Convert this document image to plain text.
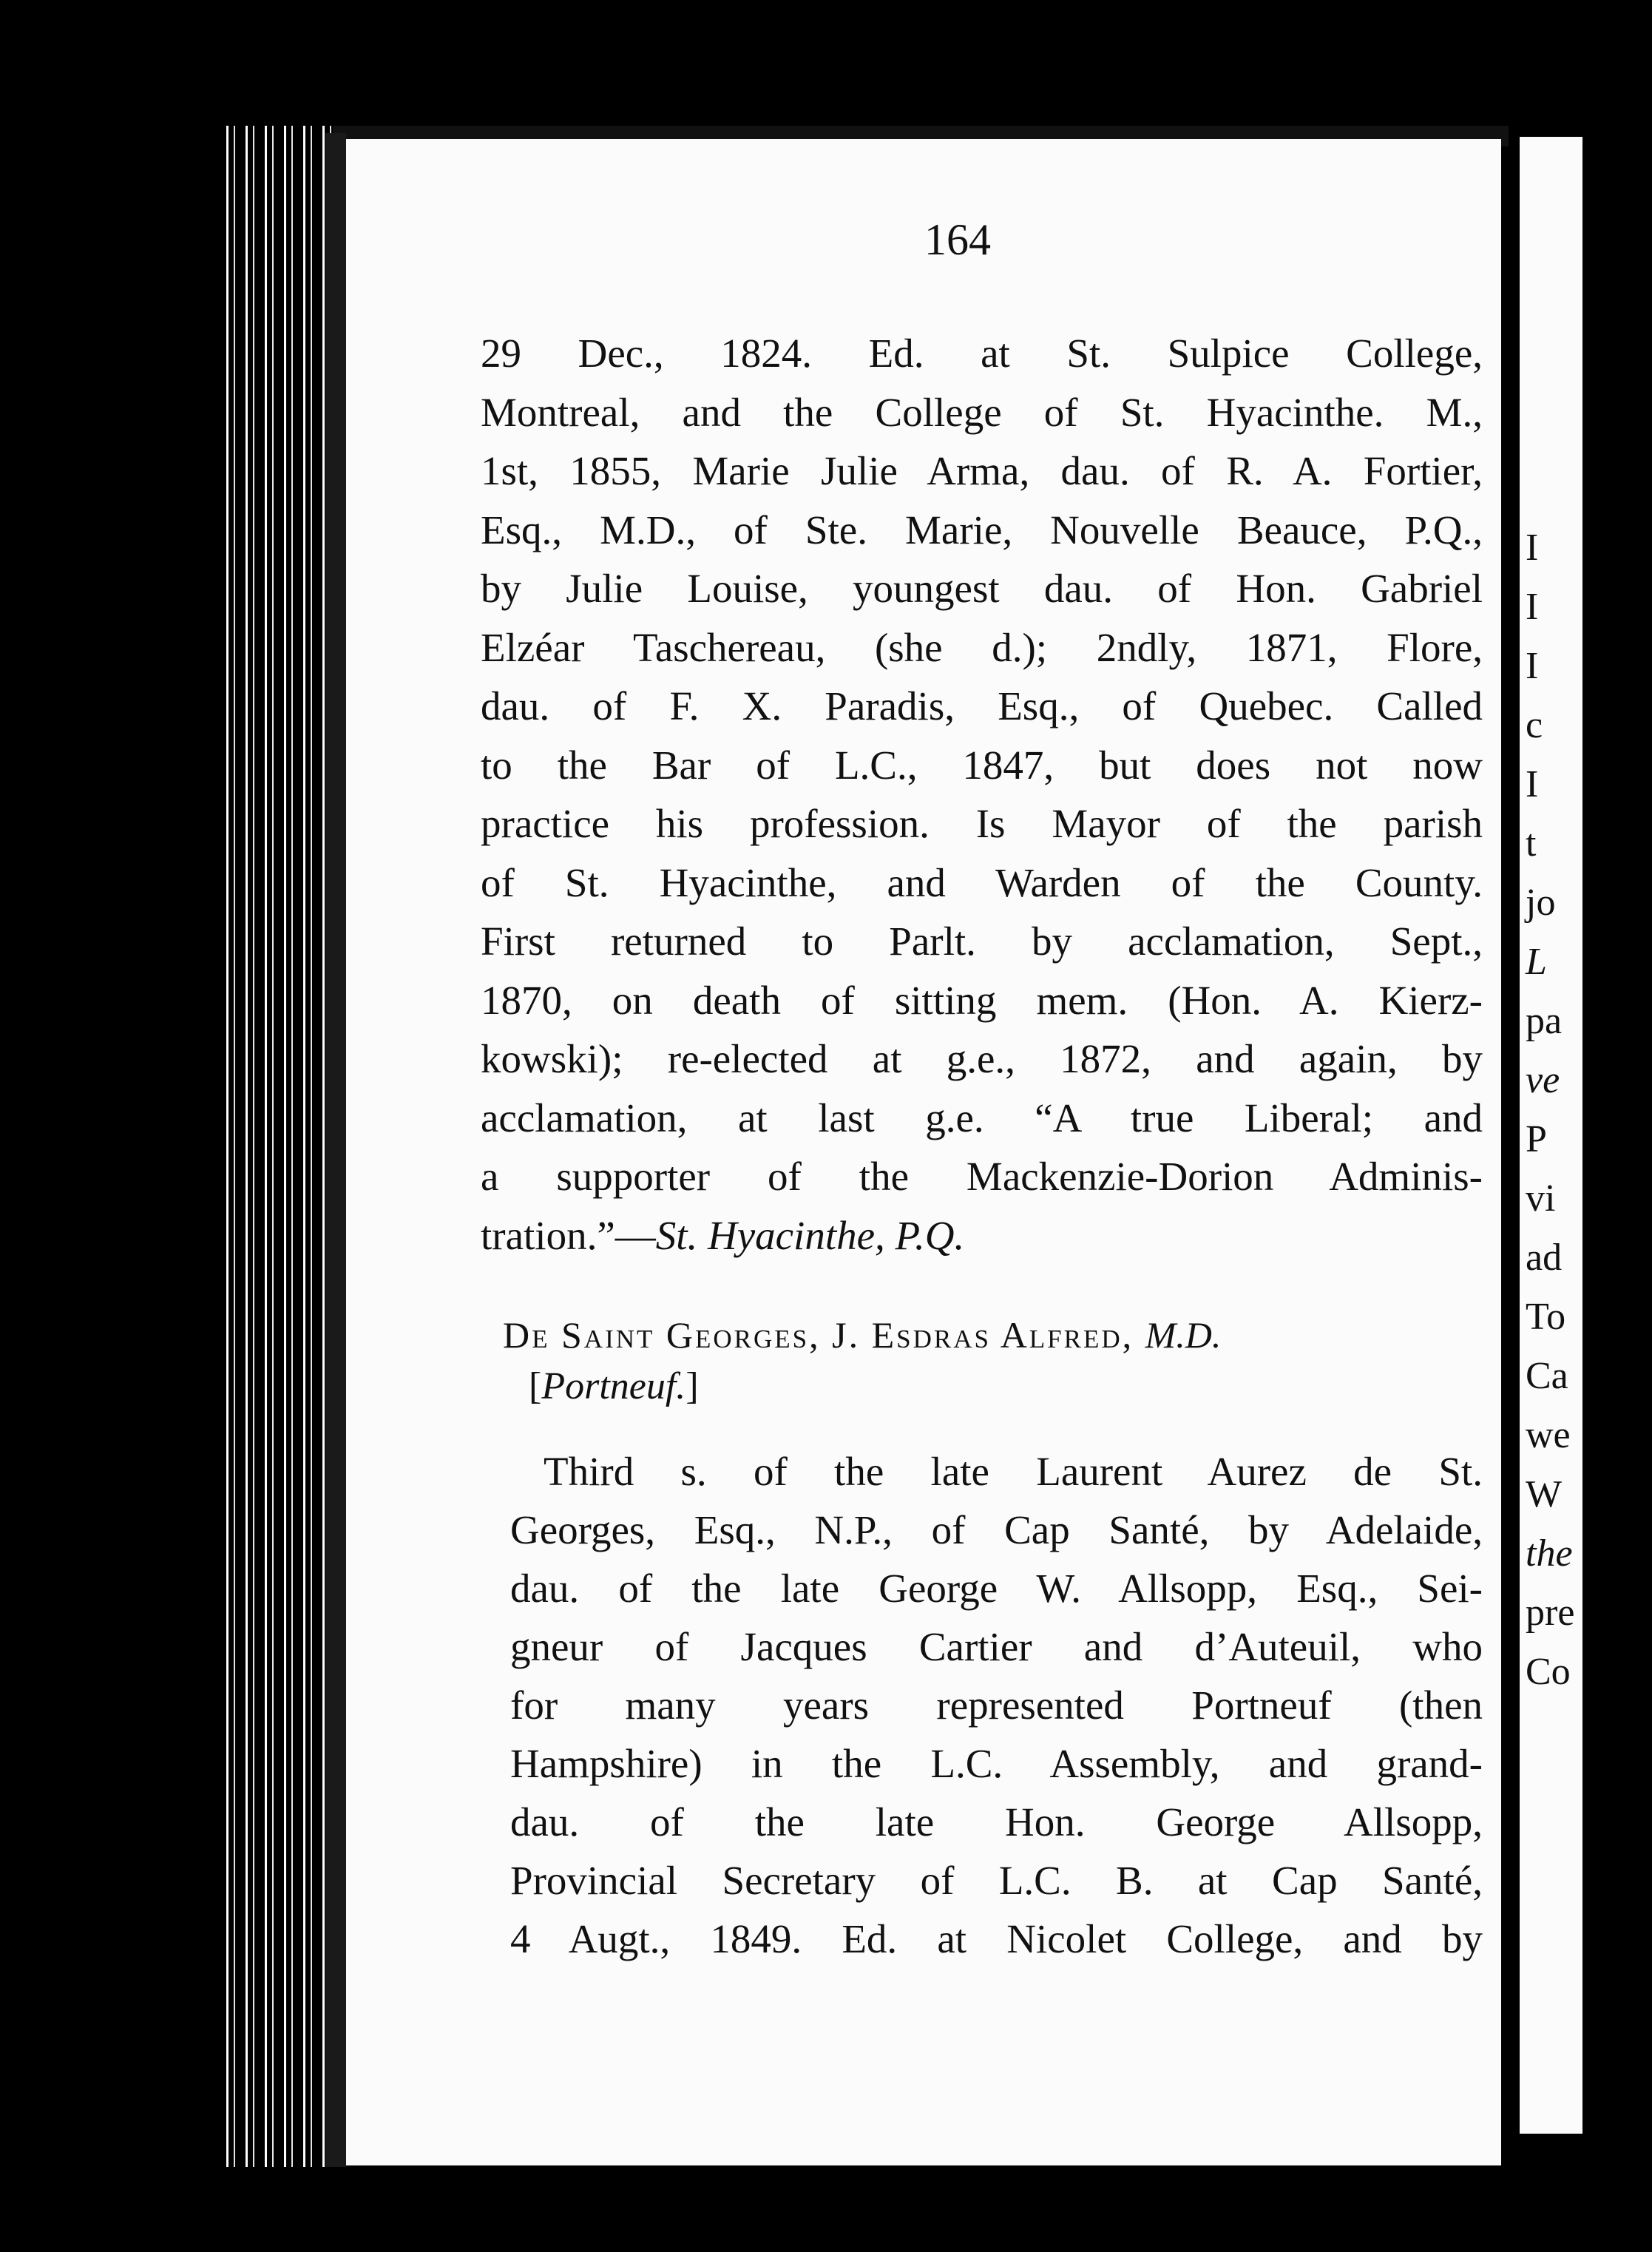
I
I
I
c
I
t
jo
L
pa
ve
P
vi
ad
To
Ca
we
W
the
pre
Co
164
29 Dec., 1824. Ed. at St. Sulpice College,
Montreal, and the College of St. Hyacinthe. M.,
1st, 1855, Marie Julie Arma, dau. of R. A. Fortier,
Esq., M.D., of Ste. Marie, Nouvelle Beauce, P.Q.,
by Julie Louise, youngest dau. of Hon. Gabriel
Elzéar Taschereau, (she d.); 2ndly, 1871, Flore,
dau. of F. X. Paradis, Esq., of Quebec. Called
to the Bar of L.C., 1847, but does not now
practice his profession. Is Mayor of the parish
of St. Hyacinthe, and Warden of the County.
First returned to Parlt. by acclamation, Sept.,
1870, on death of sitting mem. (Hon. A. Kierz-
kowski); re-elected at g.e., 1872, and again, by
acclamation, at last g.e. “A true Liberal; and
a supporter of the Mackenzie-Dorion Adminis-
tration.”—St. Hyacinthe, P.Q.
De Saint Georges, J. Esdras Alfred, M.D.
[Portneuf.]
Third s. of the late Laurent Aurez de St.
Georges, Esq., N.P., of Cap Santé, by Adelaide,
dau. of the late George W. Allsopp, Esq., Sei-
gneur of Jacques Cartier and d’Auteuil, who
for many years represented Portneuf (then
Hampshire) in the L.C. Assembly, and grand-
dau. of the late Hon. George Allsopp,
Provincial Secretary of L.C. B. at Cap Santé,
4 Augt., 1849. Ed. at Nicolet College, and by
